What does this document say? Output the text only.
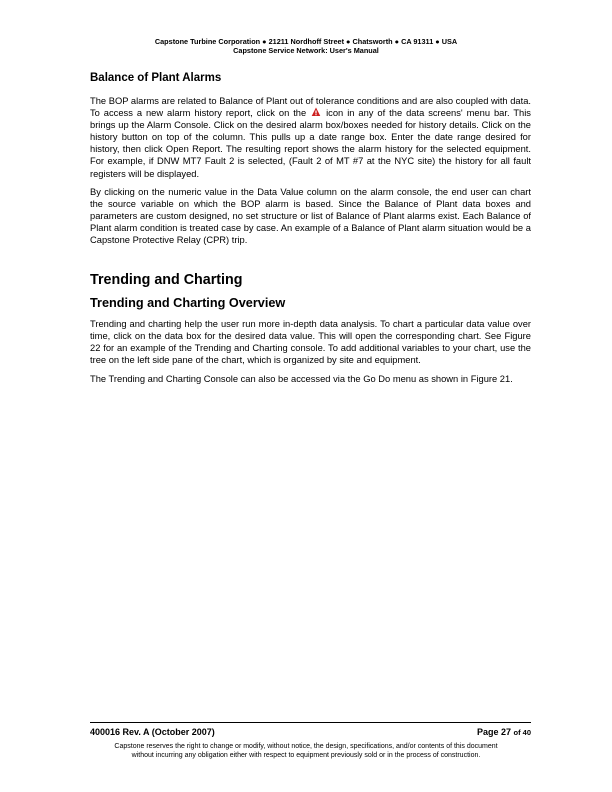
Capstone Turbine Corporation ● 21211 Nordhoff Street ● Chatsworth ● CA 91311 ● USA
Capstone Service Network: User's Manual
Balance of Plant Alarms

The BOP alarms are related to Balance of Plant out of tolerance conditions and are also coupled with data. To access a new alarm history report, click on the icon in any of the data screens' menu bar. This brings up the Alarm Console. Click on the desired alarm box/boxes needed for history details. Click on the history button on top of the column. This pulls up a date range box. Enter the date range desired for history, then click Open Report. The resulting report shows the alarm history for the selected equipment. For example, if DNW MT7 Fault 2 is selected, (Fault 2 of MT #7 at the NYC site) the history for all fault registers will be displayed.

By clicking on the numeric value in the Data Value column on the alarm console, the end user can chart the source variable on which the BOP alarm is based. Since the Balance of Plant data boxes and parameters are custom designed, no set structure or list of Balance of Plant alarms exist. Each Balance of Plant alarm condition is treated case by case. An example of a Balance of Plant alarm situation would be a Capstone Protective Relay (CPR) trip.

Trending and Charting
Trending and Charting Overview

Trending and charting help the user run more in-depth data analysis. To chart a particular data value over time, click on the data box for the desired data value. This will open the corresponding chart. See Figure 22 for an example of the Trending and Charting console. To add additional variables to your chart, use the tree on the left side pane of the chart, which is organized by site and equipment.

The Trending and Charting Console can also be accessed via the Go Do menu as shown in Figure 21.

400016 Rev. A (October 2007)	Page 27 of 40
Capstone reserves the right to change or modify, without notice, the design, specifications, and/or contents of this document
without incurring any obligation either with respect to equipment previously sold or in the process of construction.
